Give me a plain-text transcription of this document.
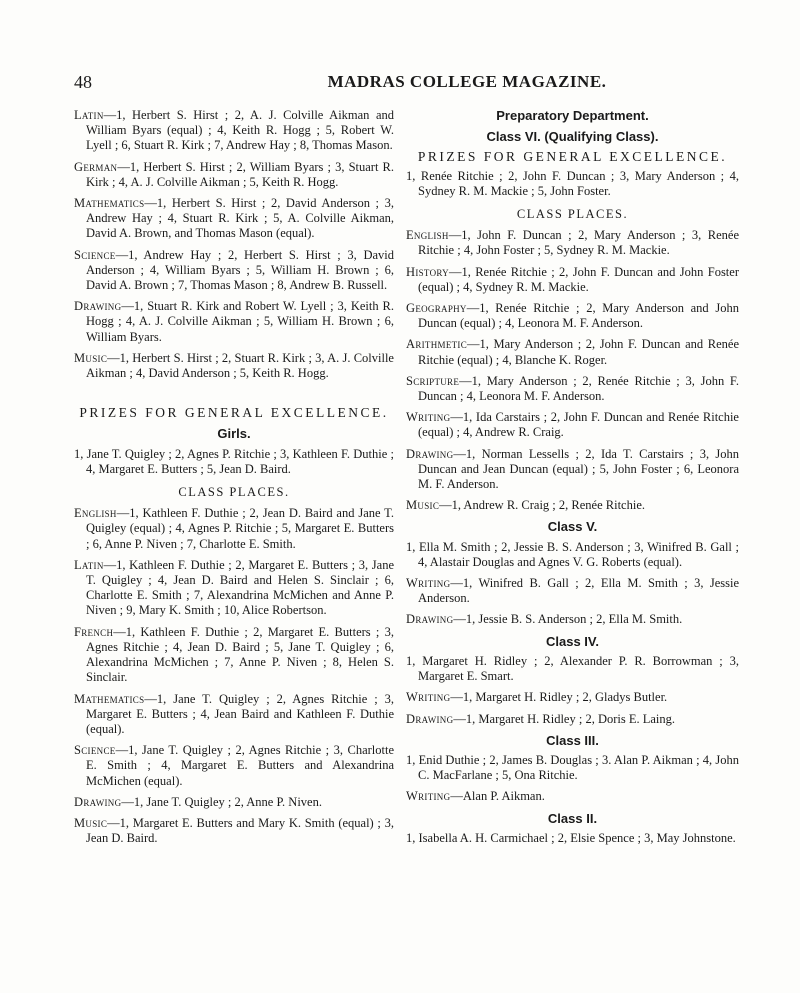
48	MADRAS COLLEGE MAGAZINE.

Latin—1, Herbert S. Hirst ; 2, A. J. Colville Aikman and William Byars (equal) ; 4, Keith R. Hogg ; 5, Robert W. Lyell ; 6, Stuart R. Kirk ; 7, Andrew Hay ; 8, Thomas Mason.

German—1, Herbert S. Hirst ; 2, William Byars ; 3, Stuart R. Kirk ; 4, A. J. Colville Aikman ; 5, Keith R. Hogg.

Mathematics—1, Herbert S. Hirst ; 2, David Anderson ; 3, Andrew Hay ; 4, Stuart R. Kirk ; 5, A. Colville Aikman, David A. Brown, and Thomas Mason (equal).

Science—1, Andrew Hay ; 2, Herbert S. Hirst ; 3, David Anderson ; 4, William Byars ; 5, William H. Brown ; 6, David A. Brown ; 7, Thomas Mason ; 8, Andrew B. Russell.

Drawing—1, Stuart R. Kirk and Robert W. Lyell ; 3, Keith R. Hogg ; 4, A. J. Colville Aikman ; 5, William H. Brown ; 6, William Byars.

Music—1, Herbert S. Hirst ; 2, Stuart R. Kirk ; 3, A. J. Colville Aikman ; 4, David Anderson ; 5, Keith R. Hogg.

PRIZES FOR GENERAL EXCELLENCE.
Girls.

1, Jane T. Quigley ; 2, Agnes P. Ritchie ; 3, Kathleen F. Duthie ; 4, Margaret E. Butters ; 5, Jean D. Baird.

CLASS PLACES.

English—1, Kathleen F. Duthie ; 2, Jean D. Baird and Jane T. Quigley (equal) ; 4, Agnes P. Ritchie ; 5, Margaret E. Butters ; 6, Anne P. Niven ; 7, Charlotte E. Smith.

Latin—1, Kathleen F. Duthie ; 2, Margaret E. Butters ; 3, Jane T. Quigley ; 4, Jean D. Baird and Helen S. Sinclair ; 6, Charlotte E. Smith ; 7, Alexandrina McMichen and Anne P. Niven ; 9, Mary K. Smith ; 10, Alice Robertson.

French—1, Kathleen F. Duthie ; 2, Margaret E. Butters ; 3, Agnes Ritchie ; 4, Jean D. Baird ; 5, Jane T. Quigley ; 6, Alexandrina McMichen ; 7, Anne P. Niven ; 8, Helen S. Sinclair.

Mathematics—1, Jane T. Quigley ; 2, Agnes Ritchie ; 3, Margaret E. Butters ; 4, Jean Baird and Kathleen F. Duthie (equal).

Science—1, Jane T. Quigley ; 2, Agnes Ritchie ; 3, Charlotte E. Smith ; 4, Margaret E. Butters and Alexandrina McMichen (equal).

Drawing—1, Jane T. Quigley ; 2, Anne P. Niven.

Music—1, Margaret E. Butters and Mary K. Smith (equal) ; 3, Jean D. Baird.

Preparatory Department.
Class VI. (Qualifying Class).
PRIZES FOR GENERAL EXCELLENCE.

1, Renée Ritchie ; 2, John F. Duncan ; 3, Mary Anderson ; 4, Sydney R. M. Mackie ; 5, John Foster.

CLASS PLACES.

English—1, John F. Duncan ; 2, Mary Anderson ; 3, Renée Ritchie ; 4, John Foster ; 5, Sydney R. M. Mackie.

History—1, Renée Ritchie ; 2, John F. Duncan and John Foster (equal) ; 4, Sydney R. M. Mackie.

Geography—1, Renée Ritchie ; 2, Mary Anderson and John Duncan (equal) ; 4, Leonora M. F. Anderson.

Arithmetic—1, Mary Anderson ; 2, John F. Duncan and Renée Ritchie (equal) ; 4, Blanche K. Roger.

Scripture—1, Mary Anderson ; 2, Renée Ritchie ; 3, John F. Duncan ; 4, Leonora M. F. Anderson.

Writing—1, Ida Carstairs ; 2, John F. Duncan and Renée Ritchie (equal) ; 4, Andrew R. Craig.

Drawing—1, Norman Lessells ; 2, Ida T. Carstairs ; 3, John Duncan and Jean Duncan (equal) ; 5, John Foster ; 6, Leonora M. F. Anderson.

Music—1, Andrew R. Craig ; 2, Renée Ritchie.

Class V.

1, Ella M. Smith ; 2, Jessie B. S. Anderson ; 3, Winifred B. Gall ; 4, Alastair Douglas and Agnes V. G. Roberts (equal).

Writing—1, Winifred B. Gall ; 2, Ella M. Smith ; 3, Jessie Anderson.

Drawing—1, Jessie B. S. Anderson ; 2, Ella M. Smith.

Class IV.

1, Margaret H. Ridley ; 2, Alexander P. R. Borrowman ; 3, Margaret E. Smart.

Writing—1, Margaret H. Ridley ; 2, Gladys Butler.

Drawing—1, Margaret H. Ridley ; 2, Doris E. Laing.

Class III.

1, Enid Duthie ; 2, James B. Douglas ; 3. Alan P. Aikman ; 4, John C. MacFarlane ; 5, Ona Ritchie.

Writing—Alan P. Aikman.

Class II.

1, Isabella A. H. Carmichael ; 2, Elsie Spence ; 3, May Johnstone.
